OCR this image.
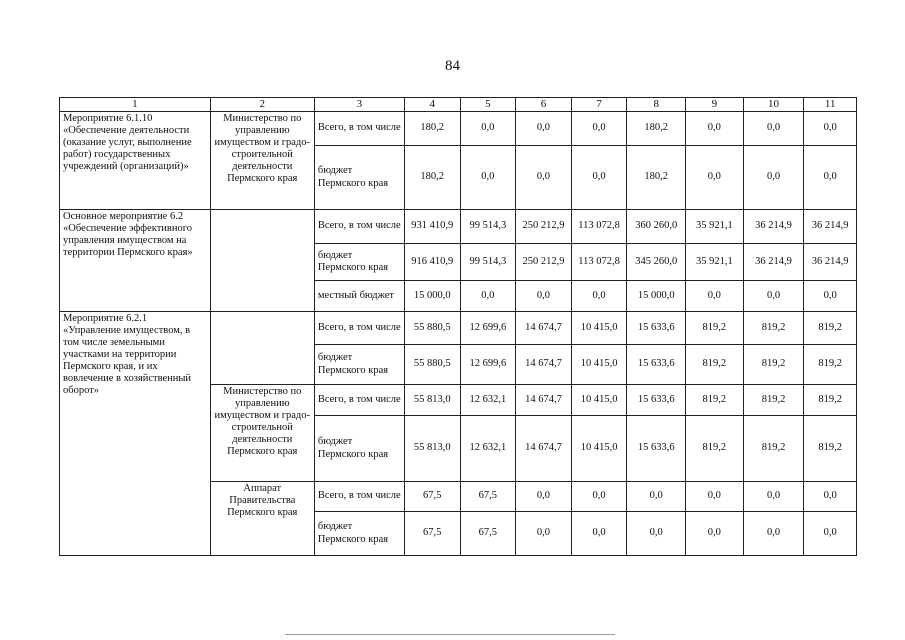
84
1	2	3	4	5	6	7	8	9	10	11
Мероприятие 6.1.10 «Обеспечение деятельности (оказание услуг, выполнение работ) государственных учреждений (организаций)»	Министерство по управлению имуществом и градо-строительной деятельности Пермского края	Всего, в том числе	180,2	0,0	0,0	0,0	180,2	0,0	0,0	0,0
		бюджет Пермского края	180,2	0,0	0,0	0,0	180,2	0,0	0,0	0,0
Основное мероприятие 6.2 «Обеспечение эффективного управления имуществом на территории Пермского края»		Всего, в том числе	931 410,9	99 514,3	250 212,9	113 072,8	360 260,0	35 921,1	36 214,9	36 214,9
		бюджет Пермского края	916 410,9	99 514,3	250 212,9	113 072,8	345 260,0	35 921,1	36 214,9	36 214,9
		местный бюджет	15 000,0	0,0	0,0	0,0	15 000,0	0,0	0,0	0,0
Мероприятие 6.2.1 «Управление имуществом, в том числе земельными участками на территории Пермского края, и их вовлечение в хозяйственный оборот»		Всего, в том числе	55 880,5	12 699,6	14 674,7	10 415,0	15 633,6	819,2	819,2	819,2
		бюджет Пермского края	55 880,5	12 699,6	14 674,7	10 415,0	15 633,6	819,2	819,2	819,2
	Министерство по управлению имуществом и градо-строительной деятельности Пермского края	Всего, в том числе	55 813,0	12 632,1	14 674,7	10 415,0	15 633,6	819,2	819,2	819,2
		бюджет Пермского края	55 813,0	12 632,1	14 674,7	10 415,0	15 633,6	819,2	819,2	819,2
	Аппарат Правительства Пермского края	Всего, в том числе	67,5	67,5	0,0	0,0	0,0	0,0	0,0	0,0
		бюджет Пермского края	67,5	67,5	0,0	0,0	0,0	0,0	0,0	0,0
